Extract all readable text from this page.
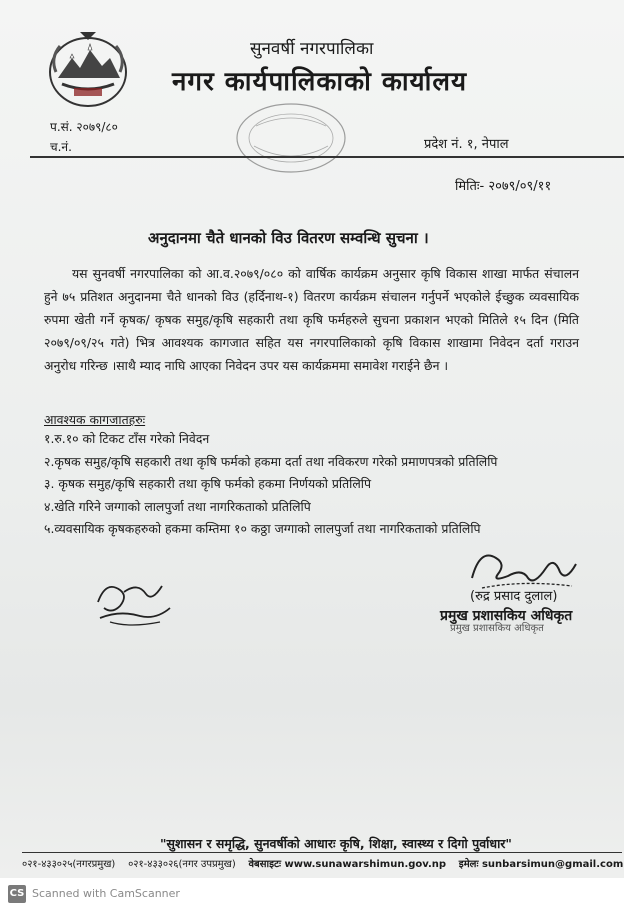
सुनवर्षी नगरपालिका
नगर कार्यपालिकाको कार्यालय
प.सं. २०७९/८०
च.नं.	प्रदेश नं. १, नेपाल
मितिः- २०७९/०९/११
अनुदानमा चैते धानको विउ वितरण सम्वन्धि सुचना ।

यस सुनवर्षी नगरपालिका को आ.व.२०७९/०८० को वार्षिक कार्यक्रम अनुसार कृषि विकास शाखा मार्फत संचालन हुने ७५ प्रतिशत अनुदानमा चैते धानको विउ (हर्दिनाथ-१) वितरण कार्यक्रम संचालन गर्नुपर्ने भएकोले ईच्छुक व्यवसायिक रुपमा खेती गर्ने कृषक/ कृषक समुह/कृषि सहकारी तथा कृषि फर्महरुले सुचना प्रकाशन भएको मितिले १५ दिन (मिति २०७९/०९/२५ गते) भित्र आवश्यक कागजात सहित यस नगरपालिकाको कृषि विकास शाखामा निवेदन दर्ता गराउन अनुरोध गरिन्छ ।साथै म्याद नाघि आएका निवेदन उपर यस कार्यक्रममा समावेश गराईने छैन ।

आवश्यक कागजातहरुः
१.रु.१० को टिकट टाँस गरेको निवेदन
२.कृषक समुह/कृषि सहकारी तथा कृषि फर्मको हकमा दर्ता तथा नविकरण गरेको प्रमाणपत्रको प्रतिलिपि
३. कृषक समुह/कृषि सहकारी तथा कृषि फर्मको हकमा निर्णयको प्रतिलिपि
४.खेति गरिने जग्गाको लालपुर्जा तथा नागरिकताको प्रतिलिपि
५.व्यवसायिक कृषकहरुको हकमा कम्तिमा १० कठ्ठा जग्गाको लालपुर्जा तथा नागरिकताको प्रतिलिपि
(रुद्र प्रसाद दुलाल)
प्रमुख प्रशासकिय अधिकृत
प्रमुख प्रशासकिय अधिकृत
"सुशासन र समृद्धि, सुनवर्षीको आधारः कृषि, शिक्षा, स्वास्थ्य र दिगो पुर्वाधार"
०२१-४३३०२५(नगरप्रमुख) ०२१-४३३०२६(नगर उपप्रमुख) वेबसाइटः www.sunawarshimun.gov.np इमेलः sunbarsimun@gmail.com
CS Scanned with CamScanner
